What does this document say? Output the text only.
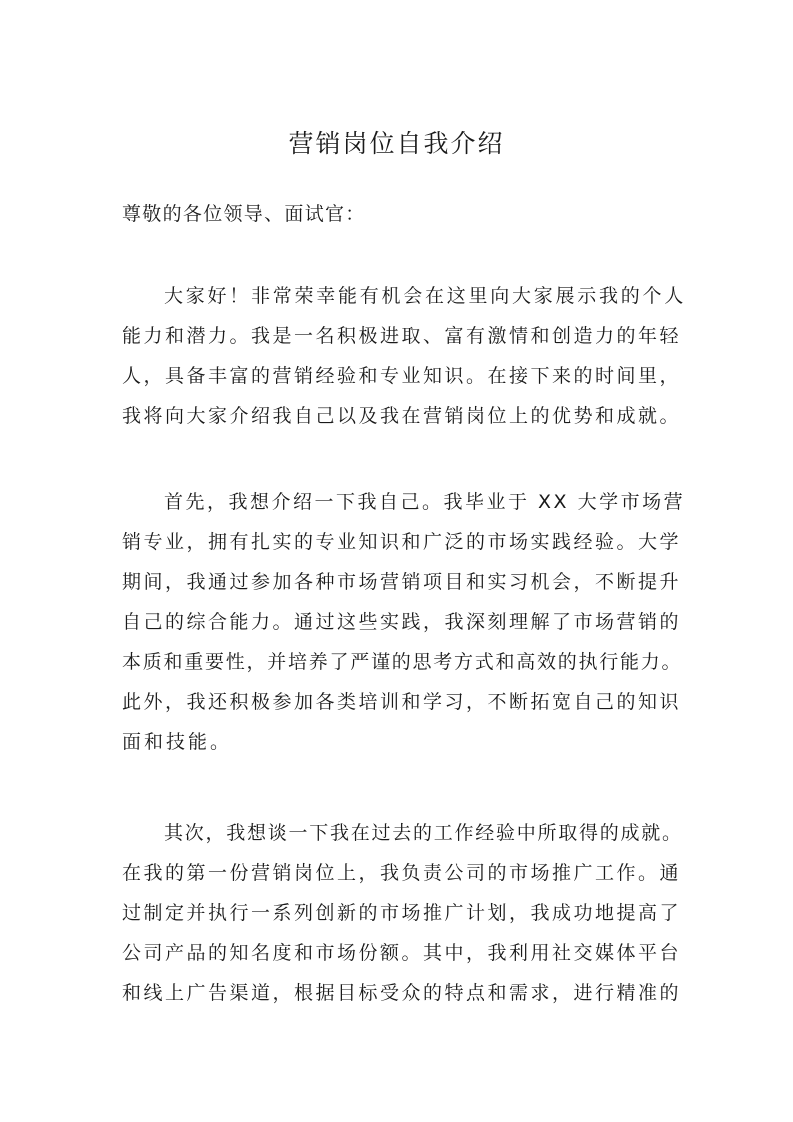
营销岗位自我介绍
尊敬的各位领导、面试官：
大家好！非常荣幸能有机会在这里向大家展示我的个人
能力和潜力。我是一名积极进取、富有激情和创造力的年轻
人，具备丰富的营销经验和专业知识。在接下来的时间里，
我将向大家介绍我自己以及我在营销岗位上的优势和成就。
首先，我想介绍一下我自己。我毕业于 XX 大学市场营
销专业，拥有扎实的专业知识和广泛的市场实践经验。大学
期间，我通过参加各种市场营销项目和实习机会，不断提升
自己的综合能力。通过这些实践，我深刻理解了市场营销的
本质和重要性，并培养了严谨的思考方式和高效的执行能力。
此外，我还积极参加各类培训和学习，不断拓宽自己的知识
面和技能。
其次，我想谈一下我在过去的工作经验中所取得的成就。
在我的第一份营销岗位上，我负责公司的市场推广工作。通
过制定并执行一系列创新的市场推广计划，我成功地提高了
公司产品的知名度和市场份额。其中，我利用社交媒体平台
和线上广告渠道，根据目标受众的特点和需求，进行精准的
